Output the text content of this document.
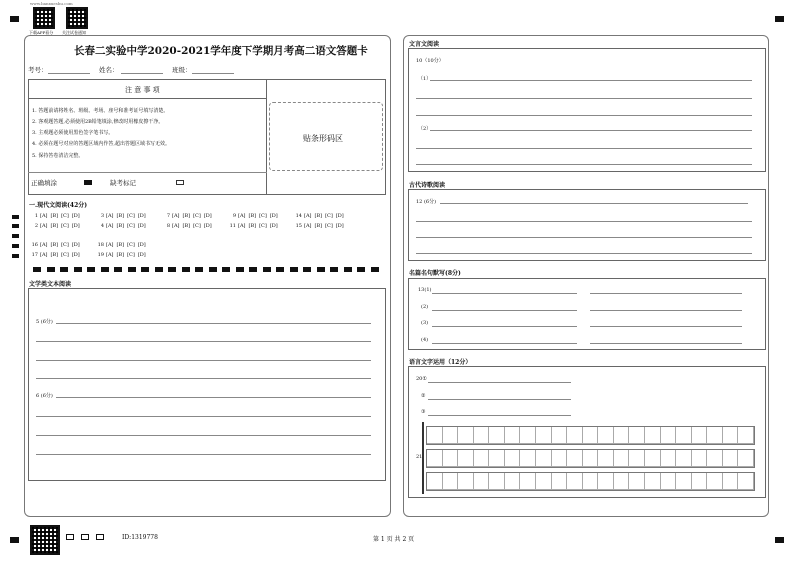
www.banxueshu.com
下载APP看分 关注试卷通知
长春二实验中学2020-2021学年度下学期月考高二语文答题卡
考号：	姓名：	班级：
注 意 事 项
1. 答题前请将姓名、班级、考场、座号和准考证号填写清楚。
2. 客观题答题,必须使用2B铅笔填涂,修改时用橡皮擦干净。
3. 主观题必须使用黑色签字笔书写。
4. 必须在题号对应的答题区域内作答,超出答题区域书写无效。
5. 保持答卷清洁完整。
正确填涂	缺考标记
贴条形码区
一.现代文阅读(42分)
1 [A] [B] [C] [D]	3 [A] [B] [C] [D]	7 [A] [B] [C] [D]	9 [A] [B] [C] [D]	14 [A] [B] [C] [D]
2 [A] [B] [C] [D]	4 [A] [B] [C] [D]	8 [A] [B] [C] [D]	11 [A] [B] [C] [D]	15 [A] [B] [C] [D]
16 [A] [B] [C] [D]	18 [A] [B] [C] [D]
17 [A] [B] [C] [D]	19 [A] [B] [C] [D]
文学类文本阅读
5 (6分)
6 (6分)
文言文阅读
10（10分）
（1）
（2）
古代诗歌阅读
12 (6分)
名篇名句默写(8分)
13(1)
(2)
(3)
(4)
语言文字运用（12分）
20①
②
③
21
ID:1319778	第 1 页 共 2 页
